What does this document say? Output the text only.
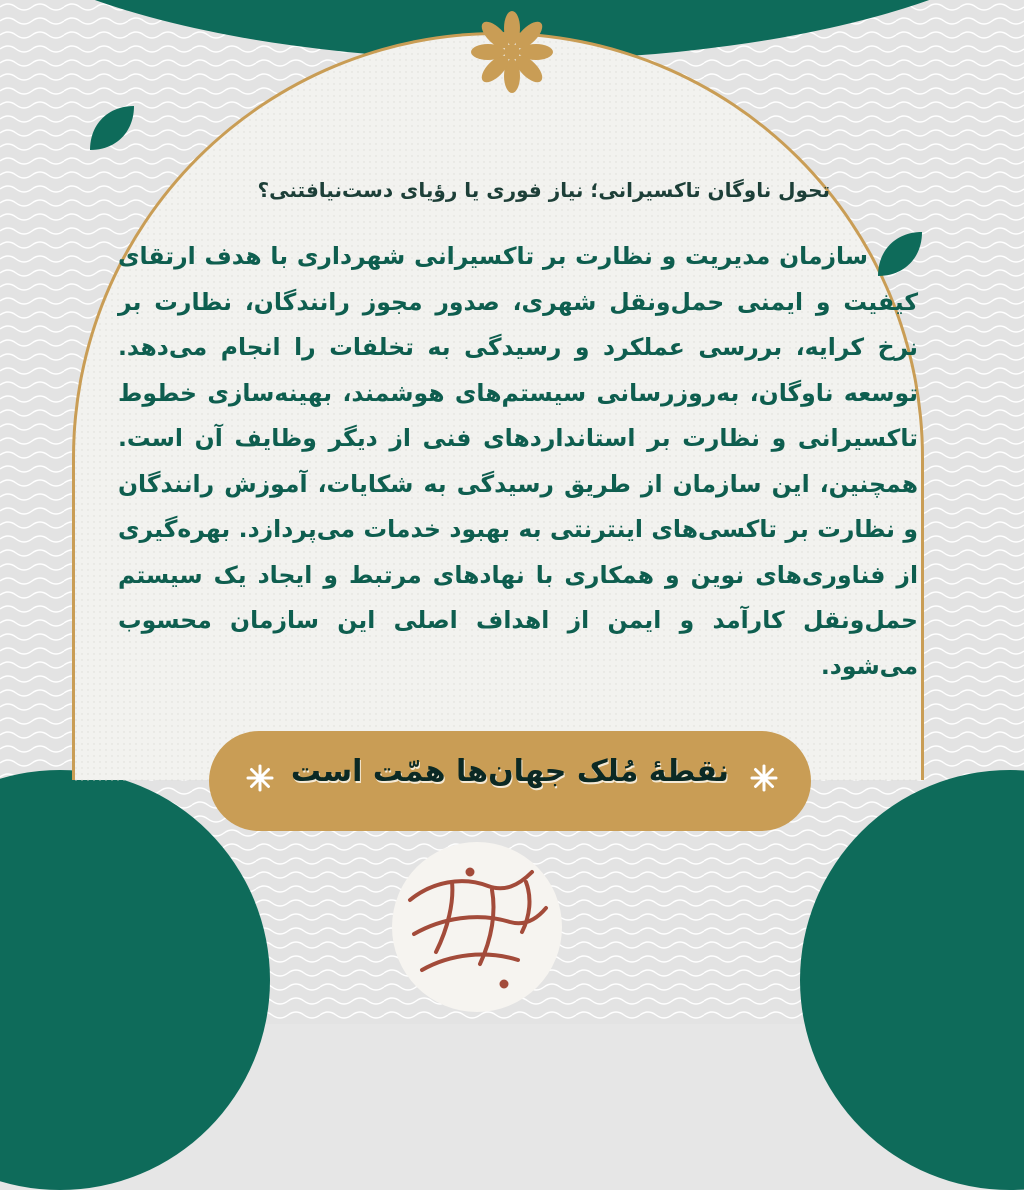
تحول ناوگان تاکسیرانی؛ نیاز فوری یا رؤیای دست‌نیافتنی؟
سازمان مدیریت و نظارت بر تاکسیرانی شهرداری با هدف ارتقای کیفیت و ایمنی حمل‌ونقل شهری، صدور مجوز رانندگان، نظارت بر نرخ کرایه، بررسی عملکرد و رسیدگی به تخلفات را انجام می‌دهد. توسعه ناوگان، به‌روزرسانی سیستم‌های هوشمند، بهینه‌سازی خطوط تاکسیرانی و نظارت بر استانداردهای فنی از دیگر وظایف آن است. همچنین، این سازمان از طریق رسیدگی به شکایات، آموزش رانندگان و نظارت بر تاکسی‌های اینترنتی به بهبود خدمات می‌پردازد. بهره‌گیری از فناوری‌های نوین و همکاری با نهادهای مرتبط و ایجاد یک سیستم حمل‌ونقل کارآمد و ایمن از اهداف اصلی این سازمان محسوب می‌شود.
نقطهٔ مُلک جهان‌ها همّت است
